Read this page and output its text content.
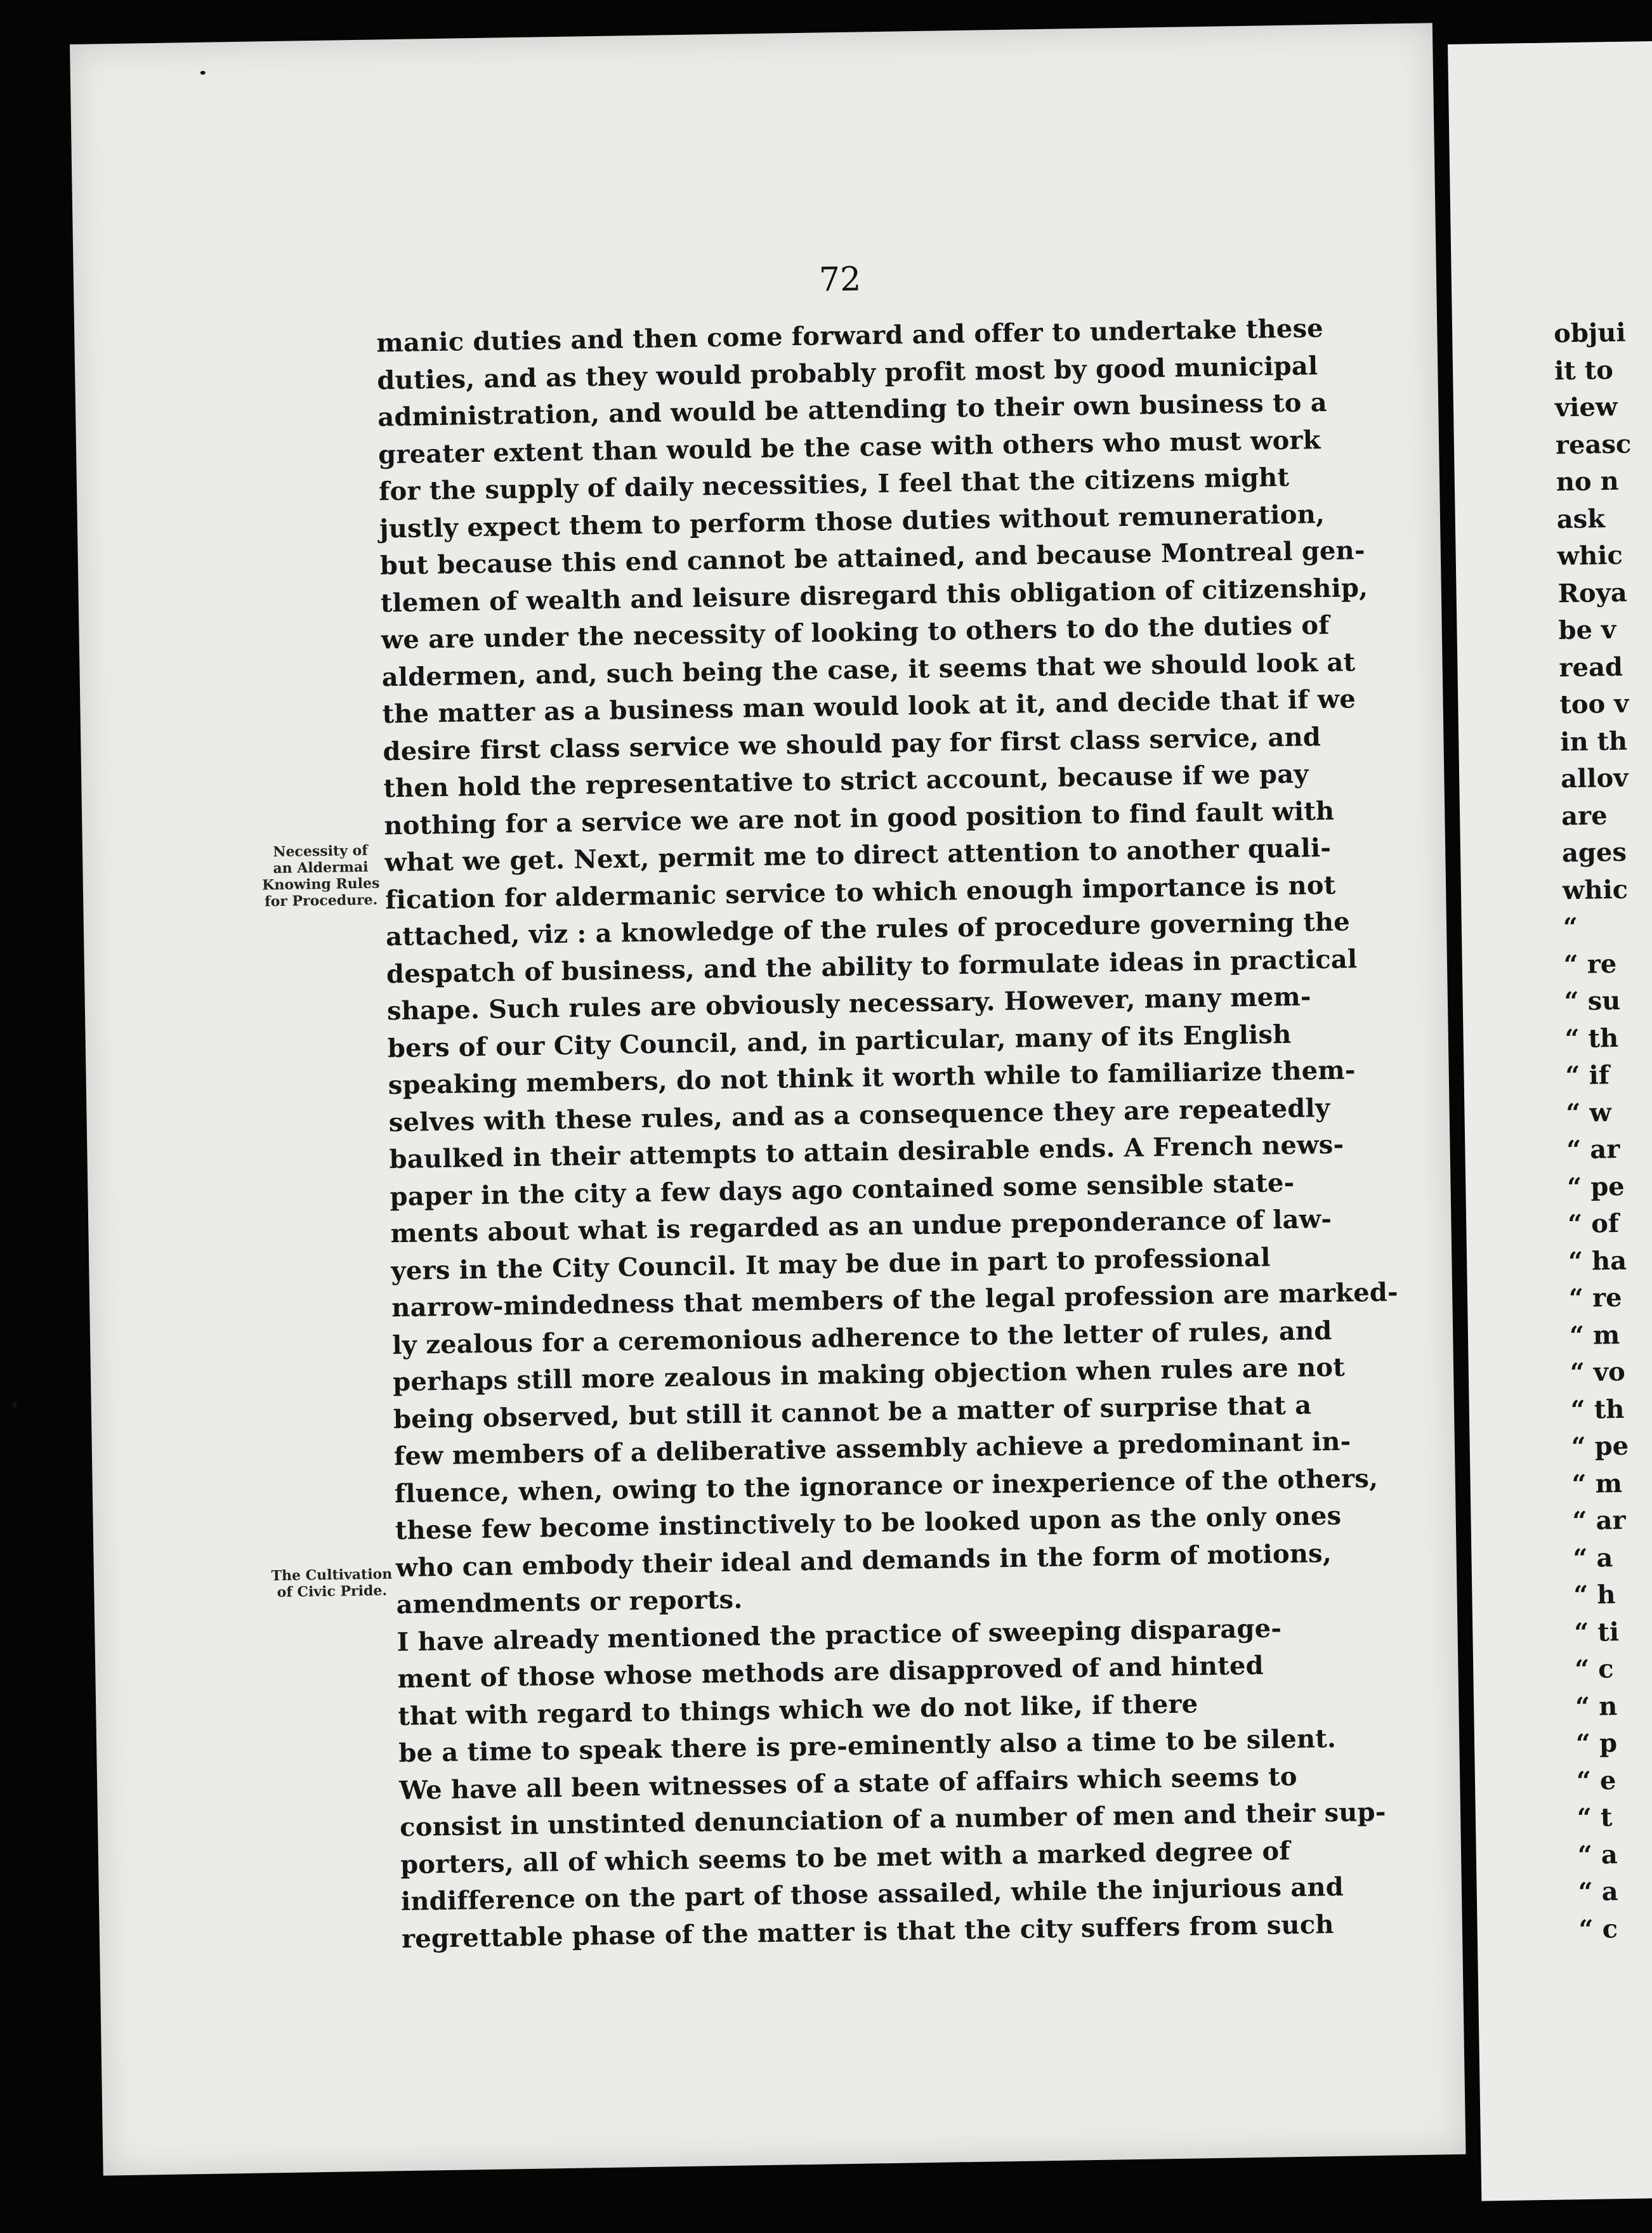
72
manic duties and then come forward and offer to undertake these
duties, and as they would probably profit most by good municipal
administration, and would be attending to their own business to a
greater extent than would be the case with others who must work
for the supply of daily necessities, I feel that the citizens might
justly expect them to perform those duties without remuneration,
but because this end cannot be attained, and because Montreal gen-
tlemen of wealth and leisure disregard this obligation of citizenship,
we are under the necessity of looking to others to do the duties of
aldermen, and, such being the case, it seems that we should look at
the matter as a business man would look at it, and decide that if we
desire first class service we should pay for first class service, and
then hold the representative to strict account, because if we pay
nothing for a service we are not in good position to find fault with
what we get. Next, permit me to direct attention to another quali-
fication for aldermanic service to which enough importance is not
attached, viz : a knowledge of the rules of procedure governing the
despatch of business, and the ability to formulate ideas in practical
shape. Such rules are obviously necessary. However, many mem-
bers of our City Council, and, in particular, many of its English
speaking members, do not think it worth while to familiarize them-
selves with these rules, and as a consequence they are repeatedly
baulked in their attempts to attain desirable ends. A French news-
paper in the city a few days ago contained some sensible state-
ments about what is regarded as an undue preponderance of law-
yers in the City Council. It may be due in part to professional
narrow-mindedness that members of the legal profession are marked-
ly zealous for a ceremonious adherence to the letter of rules, and
perhaps still more zealous in making objection when rules are not
being observed, but still it cannot be a matter of surprise that a
few members of a deliberative assembly achieve a predominant in-
fluence, when, owing to the ignorance or inexperience of the others,
these few become instinctively to be looked upon as the only ones
who can embody their ideal and demands in the form of motions,
amendments or reports.
I have already mentioned the practice of sweeping disparage-
ment of those whose methods are disapproved of and hinted
that with regard to things which we do not like, if there
be a time to speak there is pre-eminently also a time to be silent.
We have all been witnesses of a state of affairs which seems to
consist in unstinted denunciation of a number of men and their sup-
porters, all of which seems to be met with a marked degree of
indifference on the part of those assailed, while the injurious and
regrettable phase of the matter is that the city suffers from such
Necessity of
an Aldermai
Knowing Rules
for Procedure.
The Cultivation
of Civic Pride.
objui
it to
view
reasc
no n
ask
whic
Roya
be v
read
too v
in th
allov
are
ages
whic
“
“ re
“ su
“ th
“ if
“ w
“ ar
“ pe
“ of
“ ha
“ re
“ m
“ vo
“ th
“ pe
“ m
“ ar
“ a
“ h
“ ti
“ c
“ n
“ p
“ e
“ t
“ a
“ a
“ c
